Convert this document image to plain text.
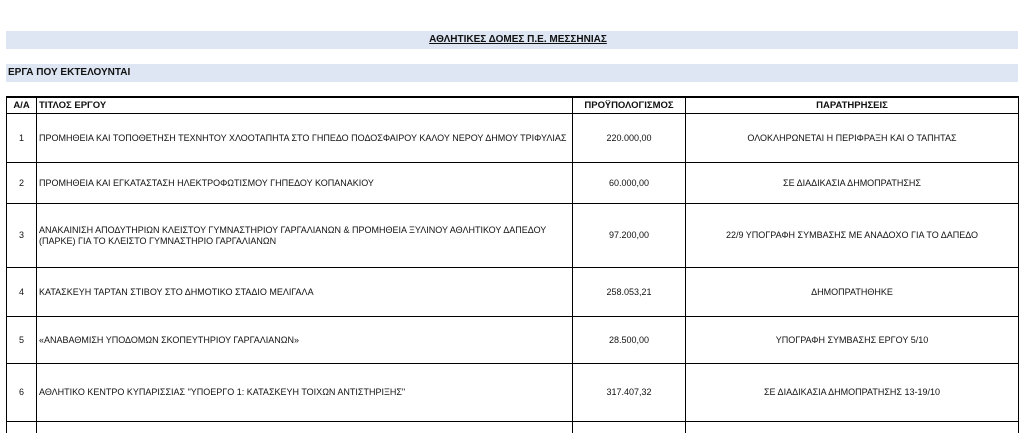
ΑΘΛΗΤΙΚΕΣ ΔΟΜΕΣ Π.Ε. ΜΕΣΣΗΝΙΑΣ
ΕΡΓΑ ΠΟΥ ΕΚΤΕΛΟΥΝΤΑΙ
Α/Α	ΤΙΤΛΟΣ ΕΡΓΟΥ	ΠΡΟΫΠΟΛΟΓΙΣΜΟΣ	ΠΑΡΑΤΗΡΗΣΕΙΣ
1	ΠΡΟΜΗΘΕΙΑ ΚΑΙ ΤΟΠΟΘΕΤΗΣΗ ΤΕΧΝΗΤΟΥ ΧΛΟΟΤΑΠΗΤΑ ΣΤΟ ΓΗΠΕΔΟ ΠΟΔΟΣΦΑΙΡΟΥ ΚΑΛΟΥ ΝΕΡΟΥ ΔΗΜΟΥ ΤΡΙΦΥΛΙΑΣ	220.000,00	ΟΛΟΚΛΗΡΩΝΕΤΑΙ Η ΠΕΡΙΦΡΑΞΗ ΚΑΙ Ο ΤΑΠΗΤΑΣ
2	ΠΡΟΜΗΘΕΙΑ ΚΑΙ ΕΓΚΑΤΑΣΤΑΣΗ ΗΛΕΚΤΡΟΦΩΤΙΣΜΟΥ ΓΗΠΕΔΟΥ ΚΟΠΑΝΑΚΙΟΥ	60.000,00	ΣΕ ΔΙΑΔΙΚΑΣΙΑ ΔΗΜΟΠΡΑΤΗΣΗΣ
3	ΑΝΑΚΑΙΝΙΣΗ ΑΠΟΔΥΤΗΡΙΩΝ ΚΛΕΙΣΤΟΥ ΓΥΜΝΑΣΤΗΡΙΟΥ ΓΑΡΓΑΛΙΑΝΩΝ & ΠΡΟΜΗΘΕΙΑ ΞΥΛΙΝΟΥ ΑΘΛΗΤΙΚΟΥ ΔΑΠΕΔΟΥ (ΠΑΡΚΕ) ΓΙΑ ΤΟ ΚΛΕΙΣΤΟ ΓΥΜΝΑΣΤΗΡΙΟ ΓΑΡΓΑΛΙΑΝΩΝ	97.200,00	22/9 ΥΠΟΓΡΑΦΗ ΣΥΜΒΑΣΗΣ ΜΕ ΑΝΑΔΟΧΟ ΓΙΑ ΤΟ ΔΑΠΕΔΟ
4	ΚΑΤΑΣΚΕΥΗ ΤΑΡΤΑΝ ΣΤΙΒΟΥ ΣΤΟ ΔΗΜΟΤΙΚΟ ΣΤΑΔΙΟ ΜΕΛΙΓΑΛΑ	258.053,21	ΔΗΜΟΠΡΑΤΗΘΗΚΕ
5	«ΑΝΑΒΑΘΜΙΣΗ ΥΠΟΔΟΜΩΝ ΣΚΟΠΕΥΤΗΡΙΟΥ ΓΑΡΓΑΛΙΑΝΩΝ»	28.500,00	ΥΠΟΓΡΑΦΗ ΣΥΜΒΑΣΗΣ ΕΡΓΟΥ 5/10
6	ΑΘΛΗΤΙΚΟ ΚΕΝΤΡΟ ΚΥΠΑΡΙΣΣΙΑΣ "ΥΠΟΕΡΓΟ 1: ΚΑΤΑΣΚΕΥΗ ΤΟΙΧΩΝ ΑΝΤΙΣΤΗΡΙΞΗΣ"	317.407,32	ΣΕ ΔΙΑΔΙΚΑΣΙΑ ΔΗΜΟΠΡΑΤΗΣΗΣ 13-19/10
